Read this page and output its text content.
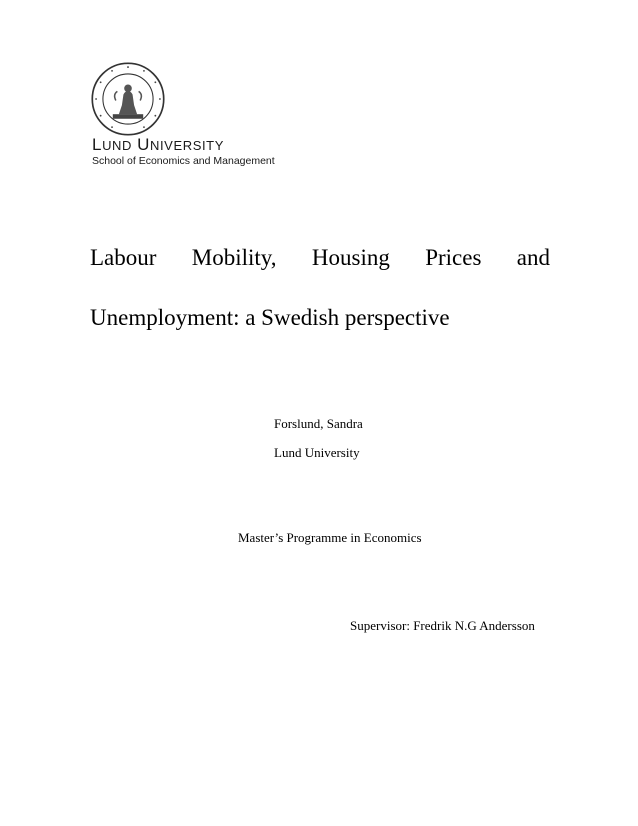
LUND UNIVERSITY
School of Economics and Management
Labour Mobility, Housing Prices and
Unemployment: a Swedish perspective
Forslund, Sandra
Lund University
Master’s Programme in Economics
Supervisor: Fredrik N.G Andersson
